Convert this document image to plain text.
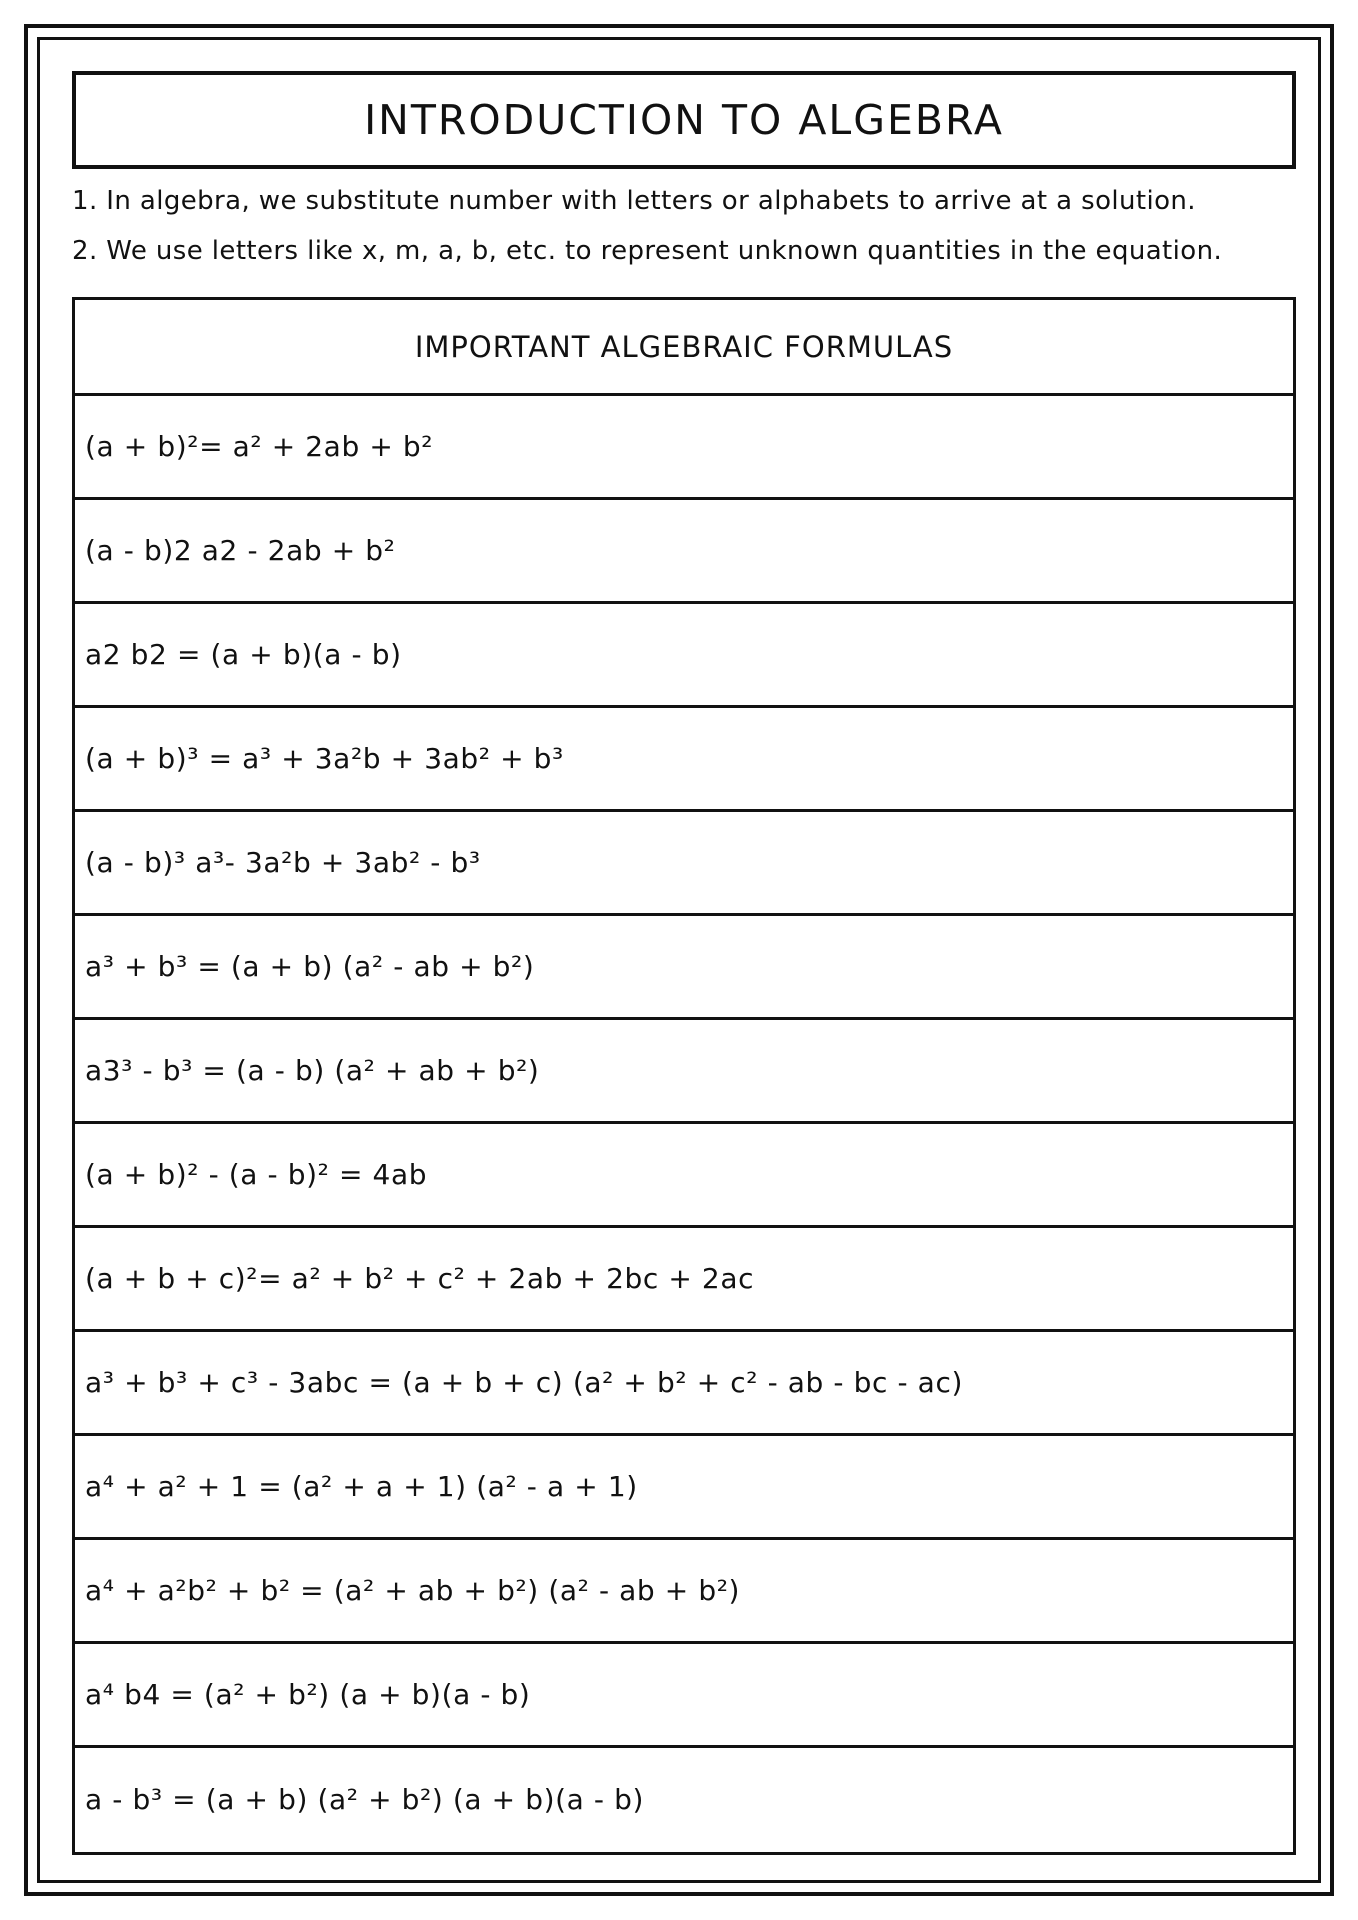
INTRODUCTION TO ALGEBRA

1. In algebra, we substitute number with letters or alphabets to arrive at a solution.

2. We use letters like x, m, a, b, etc. to represent unknown quantities in the equation.

IMPORTANT ALGEBRAIC FORMULAS
(a + b)²= a² + 2ab + b²
(a - b)2 a2 - 2ab + b²
a2 b2 = (a + b)(a - b)
(a + b)³ = a³ + 3a²b + 3ab² + b³
(a - b)³ a³- 3a²b + 3ab² - b³
a³ + b³ = (a + b) (a² - ab + b²)
a3³ - b³ = (a - b) (a² + ab + b²)
(a + b)² - (a - b)² = 4ab
(a + b + c)²= a² + b² + c² + 2ab + 2bc + 2ac
a³ + b³ + c³ - 3abc = (a + b + c) (a² + b² + c² - ab - bc - ac)
a⁴ + a² + 1 = (a² + a + 1) (a² - a + 1)
a⁴ + a²b² + b² = (a² + ab + b²) (a² - ab + b²)
a⁴ b4 = (a² + b²) (a + b)(a - b)
a - b³ = (a + b) (a² + b²) (a + b)(a - b)
